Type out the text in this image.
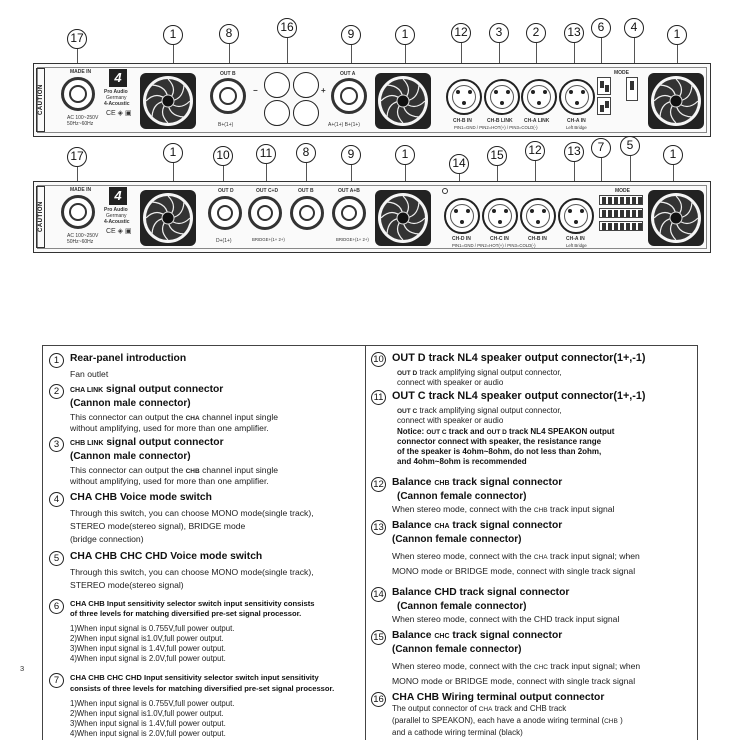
17	1	8	16	9	1	12	3	2	13	6	4	1
CAUTION
MADE IN
AC 100~250V
50Hz~60Hz
4
Pro Audio
Germany
4-Acoustic
CE ◈ ▣
OUT B
B+(1+)
−	+
OUT A
A+(1+) B+(1+)
CH-B IN	CH-B LINK CH-A LINK	CH-A IN
PIN1=GND / PIN2=HOT(+) / PIN3=COLD(-)	Left Bridge
MODE
17	1	10	11	8	9	1
14
15 12 13	7	5
1
CAUTION
MADE IN
AC 100~250V
50Hz~60Hz
4
Pro Audio
Germany
4-Acoustic
CE ◈ ▣
OUT D
D+(1+)
OUT C+D
BRIDGE+(1+ 2+)
OUT B	OUT A+B
BRIDGE+(1+ 2+)	CH-D IN	CH-C IN	CH-B IN	CH-A IN
PIN1=GND / PIN2=HOT(+) / PIN3=COLD(-)	Left Bridge
MODE
3
1	Rear-panel introduction
Fan outlet
2	CHA LINK signal output connector
(Cannon male connector)
This connector can output the CHA channel input single
without amplifying, used for more than one amplifier.
3	CHB LINK signal output connector
(Cannon male connector)
This connector can output the CHB channel input single
without amplifying, used for more than one amplifier.
4	CHA CHB Voice mode switch
Through this switch, you can choose MONO mode(single track),
STEREO mode(stereo signal), BRIDGE mode
(bridge connection)
5	CHA CHB CHC CHD Voice mode switch
Through this switch, you can choose MONO mode(single track),
STEREO mode(stereo signal)
6	CHA CHB Input sensitivity selector switch input sensitivity consists
of three levels for matching diversified pre-set signal processor.
1)When input signal is 0.755V,full power output.
2)When input signal is1.0V,full power output.
3)When input signal is 1.4V,full power output.
4)When input signal is 2.0V,full power output.
7	CHA CHB CHC CHD Input sensitivity selector switch input sensitivity
consists of three levels for matching diversified pre-set signal processor.
1)When input signal is 0.755V,full power output.
2)When input signal is1.0V,full power output.
3)When input signal is 1.4V,full power output.
4)When input signal is 2.0V,full power output.
10 OUT D track NL4 speaker output connector(1+,-1)
OUT D track amplifying signal output connector,
connect with speaker or audio
11 OUT C track NL4 speaker output connector(1+,-1)
OUT C track amplifying signal output connector,
connect with speaker or audio
Notice: OUT C track and OUT D track NL4 SPEAKON output
connector connect with speaker, the resistance range
of the speaker is 4ohm~8ohm, do not less than 2ohm,
and 4ohm~8ohm is recommended
12 Balance CHB track signal connector
(Cannon female connector)
When stereo mode, connect with the CHB track input signal
13 Balance CHA track signal connector
(Cannon female connector)
When stereo mode, connect with the CHA track input signal; when
MONO mode or BRIDGE mode, connect with single track signal
14 Balance CHD track signal connector
(Cannon female connector)
When stereo mode, connect with the CHD track input signal
15 Balance CHC track signal connector
(Cannon female connector)
When stereo mode, connect with the CHC track input signal; when
MONO mode or BRIDGE mode, connect with single track signal
16 CHA CHB Wiring terminal output connector
The output connector of CHA track and CHB track
(parallel to SPEAKON), each have a anode wiring terminal (CHB )
and a cathode wiring terminal (black)
